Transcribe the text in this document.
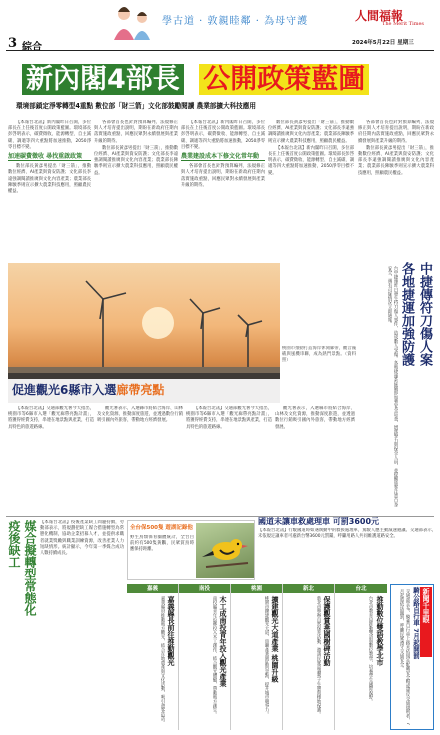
3 綜合
學古道 · 敦親睦鄰 · 為母守護	人間福報
The Merit Times
2024年5月22日 星期三
新內閣4部長 公開政策藍圖
環境部鎖定淨零轉型4重點 數位部「財三箭」文化部鼓勵閱讀 農業部擴大科技應用

【本報台北訊】新內閣昨日召開，多位部長在上任後首度公開政策藍圖。環境部長彭啓明表示，碳費徵收、能源轉型、自主減碳、調適等四大重點將加速推動，2050淨零目標不變。

加速碳費徵收 尋找重啟政策

數位部長黃彥男提出「財三箭」，推動數位經濟、AI產業與資安防護；文化部長李遠強調閱讀推廣與文化內容產業；農業部長陳駿季則宣示擴大農業科技應用，照顧農民權益。

各部會首長也針對預算編列、法規修正與人才培育提出說明，期盼在新政府任期內落實施政重點，回應民眾對永續發展與產業升級的期待。

數位部長黃彥男提出「財三箭」，推動數位經濟、AI產業與資安防護；文化部長李遠強調閱讀推廣與文化內容產業；農業部長陳駿季則宣示擴大農業科技應用，照顧農民權益。

【本報台北訊】新內閣昨日召開，多位部長在上任後首度公開政策藍圖。環境部長彭啓明表示，碳費徵收、能源轉型、自主減碳、調適等四大重點將加速推動，2050淨零目標不變。

農業建設成本下修文化常年動

各部會首長也針對預算編列、法規修正與人才培育提出說明，期盼在新政府任期內落實施政重點，回應民眾對永續發展與產業升級的期待。

數位部長黃彥男提出「財三箭」，推動數位經濟、AI產業與資安防護；文化部長李遠強調閱讀推廣與文化內容產業；農業部長陳駿季則宣示擴大農業科技應用，照顧農民權益。

【本報台北訊】新內閣昨日召開，多位部長在上任後首度公開政策藍圖。環境部長彭啓明表示，碳費徵收、能源轉型、自主減碳、調適等四大重點將加速推動，2050淨零目標不變。

各部會首長也針對預算編列、法規修正與人才培育提出說明，期盼在新政府任期內落實施政重點，回應民眾對永續發展與產業升級的期待。

數位部長黃彥男提出「財三箭」，推動數位經濟、AI產業與資安防護；文化部長李遠強調閱讀推廣與文化內容產業；農業部長陳駿季則宣示擴大農業科技應用，照顧農民權益。

促進觀光6縣市入選廊帶亮點
桃園市推動打造海岸休閒廊帶，觀音藻礁與風機串聯，成為熱門景點。（資料照）	中捷傳符刀傷人案
各地捷運加強防護
台中捷運昨日發生持刀傷人事件，造成數人受傷。各地捷運系統隨即加強安全巡查，增派警力與保全人員，並提醒旅客注意自身安全，遇有可疑情況立即通報。

【本報台北訊】交通部觀光署今天指出，桃園市等6縣市入選「觀光廊帶亮點計畫」，將獲得經費支持，串連在地景點與產業，打造具特色的旅遊路線。

觀光署表示，入選縣市將結合海岸、山林及文化資源，推動深度旅遊，並透過數位行銷吸引國內外旅客，帶動地方經濟發展。

【本報台北訊】交通部觀光署今天指出，桃園市等6縣市入選「觀光廊帶亮點計畫」，將獲得經費支持，串連在地景點與產業，打造具特色的旅遊路線。

觀光署表示，入選縣市將結合海岸、山林及文化資源，推動深度旅遊，並透過數位行銷吸引國內外旅客，帶動地方經濟發展。

國道未讓車救處理車 可罰3600元
【本報台北訊】行駛國道時如遇執勤中的救援處理車，駕駛人應主動減速避讓。交通部表示，未依規定讓車者可處新台幣3600元罰鍰，呼籲用路人共同維護道路安全。
疫後缺工 媒合擬轉型常態化 【本報台北訊】疫後產業缺工問題持續，勞動部表示，將規劃把缺工媒合措施轉型為常態化機制，協助企業招募人才，並提供求職者就業獎勵與職業訓練資源，改善產業人力短缺情形。統計顯示，今年第一季媒合成功人數持續成長。
全台保500隻 遊湖記錄他
野生鳥類保育團體統計，全台目前約有500隻黃鸝，民眾賞鳥時應保持距離。
嘉義
嘉義縣長前往推動觀光
嘉義縣府推動地方觀光，結合在地農產與文化活動，吸引遊客造訪。
南投
木工成南投青年投入觀光產業
南投縣青年返鄉投入木工創作，結合觀光體驗，帶動地方創生。
桃園
擴建觀光大道產業 桃園升級
桃園市擴建觀光大道，串聯產業園區與景點，提升城市競爭力。
新北
保護觀賞燕國樹碑活動
新北市舉辦自然保育活動，邀請民眾認識燕子生態與棲地保護。
台北
推動數位雙語教學北市
台北市教育局推動雙語與數位教學，培養學生國際視野。	新聞千里眼
騎公路自行車 7月起開罰
交通部宣布，騎乘自行車上路未依規定配戴安全帽或違反交通規則者，7月起將依法開罰，呼籲民眾遵守交通安全。
